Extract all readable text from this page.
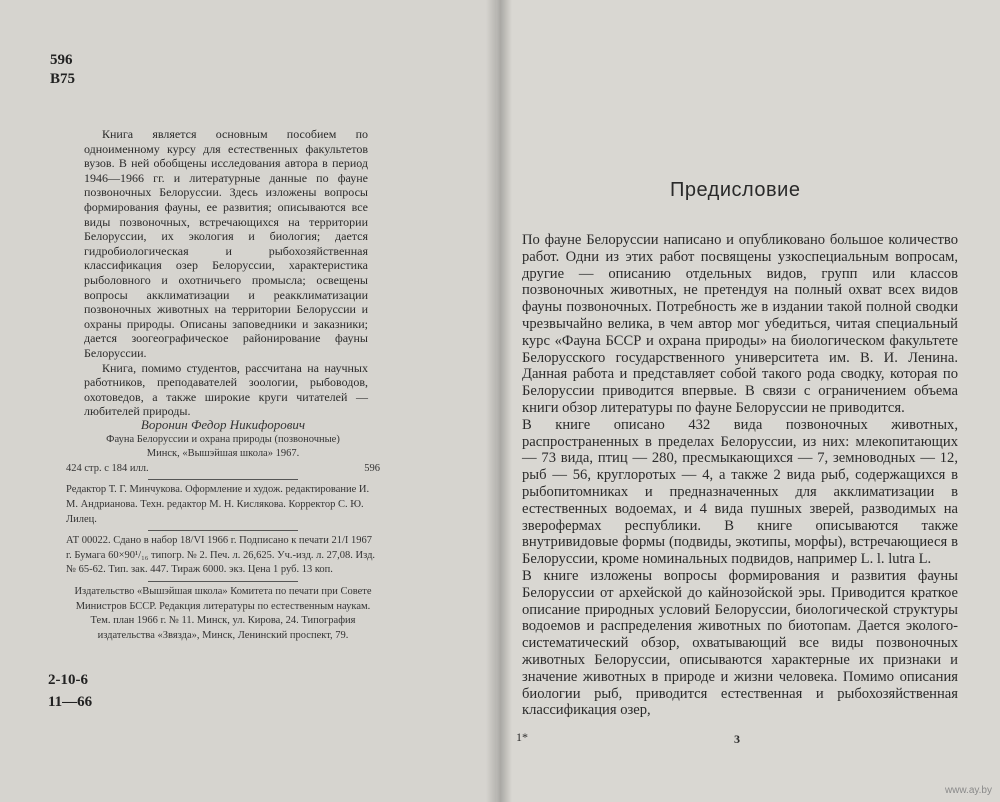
596
В75

Книга является основным пособием по одноименному курсу для естественных факультетов вузов. В ней обобщены исследования автора в период 1946—1966 гг. и литературные данные по фауне позвоночных Белоруссии. Здесь изложены вопросы формирования фауны, ее развития; описываются все виды позвоночных, встречающихся на территории Белоруссии, их экология и биология; дается гидробиологическая и рыбохозяйственная классификация озер Белоруссии, характеристика рыболовного и охотничьего промысла; освещены вопросы акклиматизации и реакклиматизации позвоночных животных на территории Белоруссии и охраны природы. Описаны заповедники и заказники; дается зоогеографическое районирование фауны Белоруссии.

Книга, помимо студентов, рассчитана на научных работников, преподавателей зоологии, рыбоводов, охотоведов, а также широкие круги читателей — любителей природы.

Воронин Федор Никифорович
Фауна Белоруссии и охрана природы (позвоночные)
Минск, «Вышэйшая школа» 1967.
424 стр. с 184 илл.	596

Редактор Т. Г. Минчукова. Оформление и худож. редактирование И. М. Андрианова. Техн. редактор М. Н. Кислякова. Корректор С. Ю. Лилец.

АТ 00022. Сдано в набор 18/VI 1966 г. Подписано к печати 21/I 1967 г. Бумага 60×90¹/₁₆ типогр. № 2. Печ. л. 26,625. Уч.-изд. л. 27,08. Изд. № 65-62. Тип. зак. 447. Тираж 6000. экз. Цена 1 руб. 13 коп.

Издательство «Вышэйшая школа» Комитета по печати при Совете Министров БССР. Редакция литературы по естественным наукам. Тем. план 1966 г. № 11. Минск, ул. Кирова, 24. Типография издательства «Звязда», Минск, Ленинский проспект, 79.

2-10-6
11—66
Предисловие

По фауне Белоруссии написано и опубликовано большое количество работ. Одни из этих работ посвящены узкоспециальным вопросам, другие — описанию отдельных видов, групп или классов позвоночных животных, не претендуя на полный охват всех видов фауны позвоночных. Потребность же в издании такой полной сводки чрезвычайно велика, в чем автор мог убедиться, читая специальный курс «Фауна БССР и охрана природы» на биологическом факультете Белорусского государственного университета им. В. И. Ленина. Данная работа и представляет собой такого рода сводку, которая по Белоруссии приводится впервые. В связи с ограничением объема книги обзор литературы по фауне Белоруссии не приводится.

В книге описано 432 вида позвоночных животных, распространенных в пределах Белоруссии, из них: млекопитающих — 73 вида, птиц — 280, пресмыкающихся — 7, земноводных — 12, рыб — 56, круглоротых — 4, а также 2 вида рыб, содержащихся в рыбопитомниках и предназначенных для акклиматизации в естественных водоемах, и 4 вида пушных зверей, разводимых на зверофермах республики. В книге описываются также внутривидовые формы (подвиды, экотипы, морфы), встречающиеся в Белоруссии, кроме номинальных подвидов, например L. l. lutra L.

В книге изложены вопросы формирования и развития фауны Белоруссии от архейской до кайнозойской эры. Приводится краткое описание природных условий Белоруссии, биологической структуры водоемов и распределения животных по биотопам. Дается эколого-систематический обзор, охватывающий все виды позвоночных животных Белоруссии, описываются характерные их признаки и значение животных в природе и жизни человека. Помимо описания биологии рыб, приводится естественная и рыбохозяйственная классификация озер,

1*	3
www.ay.by
